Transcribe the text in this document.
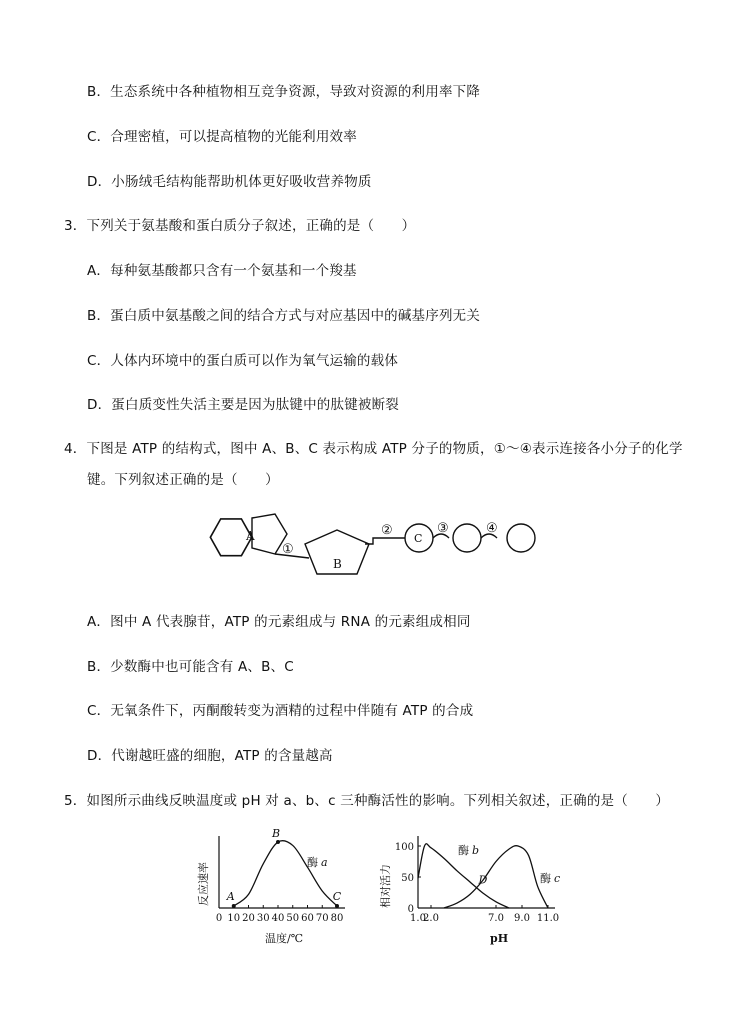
B．生态系统中各种植物相互竞争资源，导致对资源的利用率下降
C．合理密植，可以提高植物的光能利用效率
D．小肠绒毛结构能帮助机体更好吸收营养物质
3．下列关于氨基酸和蛋白质分子叙述，正确的是（　　）
A．每种氨基酸都只含有一个氨基和一个羧基
B．蛋白质中氨基酸之间的结合方式与对应基因中的碱基序列无关
C．人体内环境中的蛋白质可以作为氧气运输的载体
D．蛋白质变性失活主要是因为肽键中的肽键被断裂
4．下图是 ATP 的结构式，图中 A、B、C 表示构成 ATP 分子的物质，①～④表示连接各小分子的化学
键。下列叙述正确的是（　　）
A
①
B
②
C
③	④
A．图中 A 代表腺苷，ATP 的元素组成与 RNA 的元素组成相同
B．少数酶中也可能含有 A、B、C
C．无氧条件下，丙酮酸转变为酒精的过程中伴随有 ATP 的合成
D．代谢越旺盛的细胞，ATP 的含量越高
5．如图所示曲线反映温度或 pH 对 a、b、c 三种酶活性的影响。下列相关叙述，正确的是（　　）
反应速率
0 10 20 30 40 50 60 70 80
A
B
C
酶 a
温度/℃
相对活力
1.0
2.0	7.0 9.0 11.0
0
50
100
D
酶 b
酶 c
pH
